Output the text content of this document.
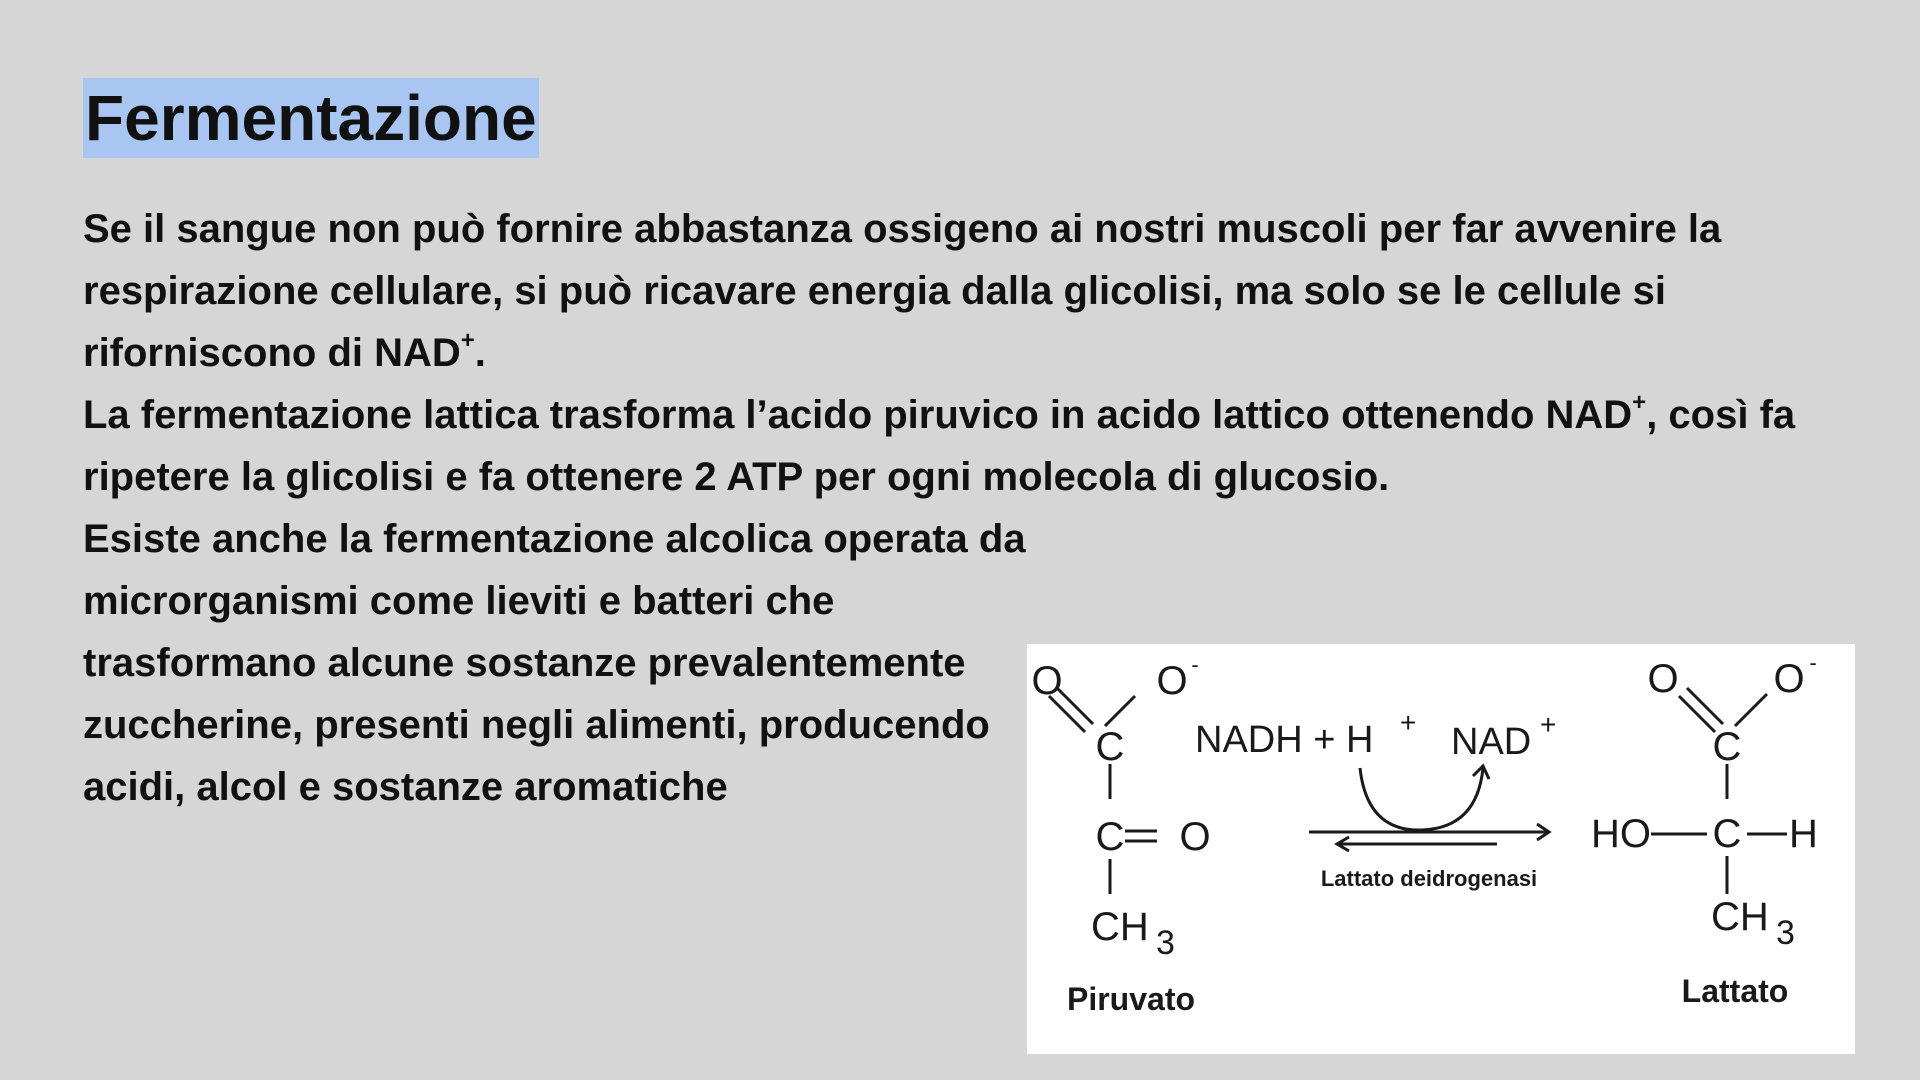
Fermentazione

Se il sangue non può fornire abbastanza ossigeno ai nostri muscoli per far avvenire la respirazione cellulare, si può ricavare energia dalla glicolisi, ma solo se le cellule si riforniscono di NAD+.

La fermentazione lattica trasforma l’acido piruvico in acido lattico ottenendo NAD+, così fa ripetere la glicolisi e fa ottenere 2 ATP per ogni molecola di glucosio.

Esiste anche la fermentazione alcolica operata da microrganismi come lieviti e batteri che trasformano alcune sostanze prevalentemente zuccherine, presenti negli alimenti, producendo acidi, alcol e sostanze aromatiche

O O -
C
C O
CH 3
Piruvato
NADH + H + NAD +
Lattato deidrogenasi
O O -
C
HO C H
CH 3
Lattato
